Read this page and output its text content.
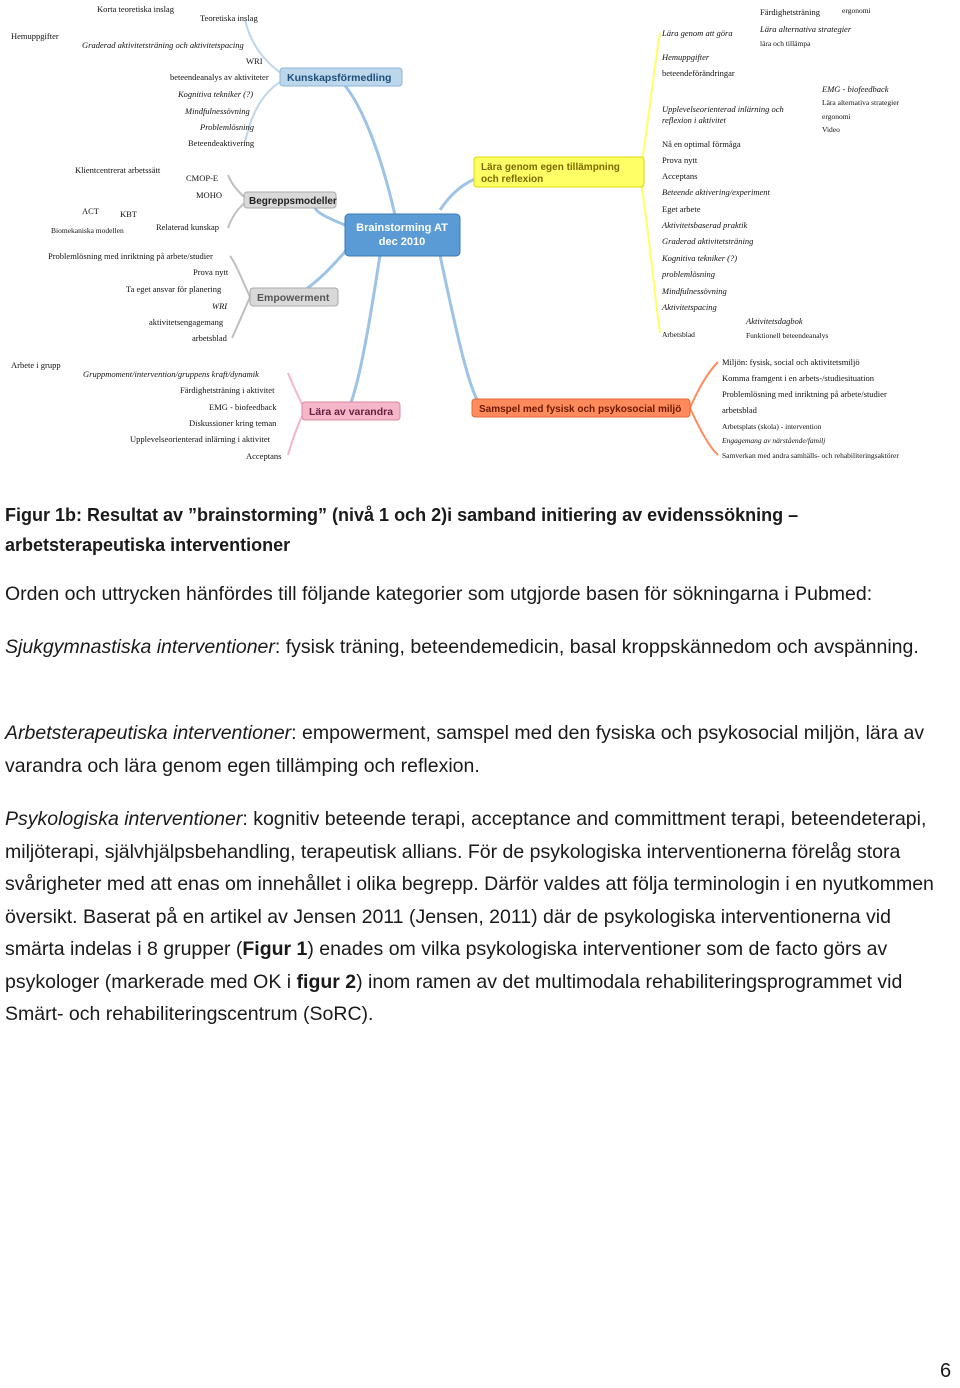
Brainstorming AT
dec 2010
Kunskapsförmedling
Begreppsmodeller
Empowerment
Lära av varandra
Lära genom egen tillämpning
och reflexion
Samspel med fysisk och psykosocial miljö
Korta teoretiska inslag
Teoretiska inslag
Hemuppgifter
Graderad aktivitetsträning och aktivitetspacing
WRI
beteendeanalys av aktiviteter
Kognitiva tekniker (?)
Mindfulnessövning
Problemlösning
Beteendeaktivering
Klientcentrerat arbetssätt
CMOP-E
MOHO
ACT KBT
Biomekaniska modellen	Relaterad kunskap
Problemlösning med inriktning på arbete/studier
Prova nytt
Ta eget ansvar för planering
WRI
aktivitetsengagemang
arbetsblad
Arbete i grupp
Gruppmoment/intervention/gruppens kraft/dynamik
Färdighetsträning i aktivitet
EMG - biofeedback
Diskussioner kring teman
Upplevelseorienterad inlärning i aktivitet
Acceptans
Lära genom att göra
Färdighetsträning	ergonomi
Lära alternativa strategier
lära och tillämpa
Hemuppgifter
beteendeförändringar
EMG - biofeedback
Lära alternativa strategier
ergonomi
Video
Upplevelseorienterad inlärning och
reflexion i aktivitet
Nå en optimal förmåga
Prova nytt
Acceptans
Beteende aktivering/experiment
Eget arbete
Aktivitetsbaserad praktik
Graderad aktivitetsträning
Kognitiva tekniker (?)
problemlösning
Mindfulnessövning
Aktivitetspacing
Aktivitetsdagbok
Arbetsblad	Funktionell beteendeanalys
Miljön: fysisk, social och aktivitetsmiljö
Komma framgent i en arbets-/studiesituation
Problemlösning med inriktning på arbete/studier
arbetsblad
Arbetsplats (skola) - intervention
Engagemang av närstående/familj
Samverkan med andra samhälls- och rehabiliteringsaktörer
Figur 1b: Resultat av ”brainstorming” (nivå 1 och 2)i samband initiering av evidenssökning –
arbetsterapeutiska interventioner
Orden och uttrycken hänfördes till följande kategorier som utgjorde basen för sökningarna i Pubmed:
Sjukgymnastiska interventioner: fysisk träning, beteendemedicin, basal kroppskännedom och avspänning.
Arbetsterapeutiska interventioner: empowerment, samspel med den fysiska och psykosocial miljön, lära av varandra och lära genom egen tillämping och reflexion.
Psykologiska interventioner: kognitiv beteende terapi, acceptance and committment terapi, beteendeterapi, miljöterapi, självhjälpsbehandling, terapeutisk allians. För de psykologiska interventionerna förelåg stora svårigheter med att enas om innehållet i olika begrepp. Därför valdes att följa terminologin i en nyutkommen översikt. Baserat på en artikel av Jensen 2011 (Jensen, 2011) där de psykologiska interventionerna vid smärta indelas i 8 grupper (Figur 1) enades om vilka psykologiska interventioner som de facto görs av psykologer (markerade med OK i figur 2) inom ramen av det multimodala rehabiliteringsprogrammet vid Smärt- och rehabiliteringscentrum (SoRC).
6
